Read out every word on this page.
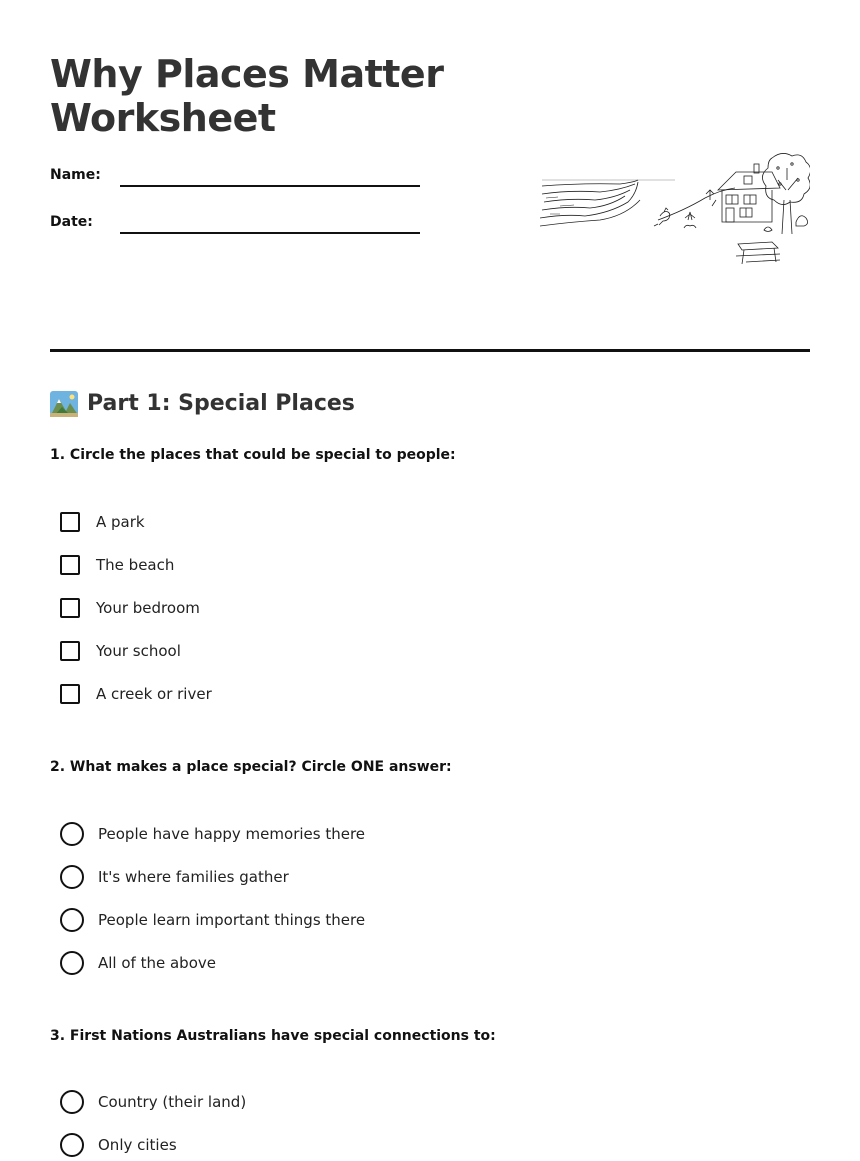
Why Places Matter Worksheet
Name:
Date:
Part 1: Special Places
1. Circle the places that could be special to people:
A park
The beach
Your bedroom
Your school
A creek or river
2. What makes a place special? Circle ONE answer:
People have happy memories there
It's where families gather
People learn important things there
All of the above
3. First Nations Australians have special connections to:
Country (their land)
Only cities
